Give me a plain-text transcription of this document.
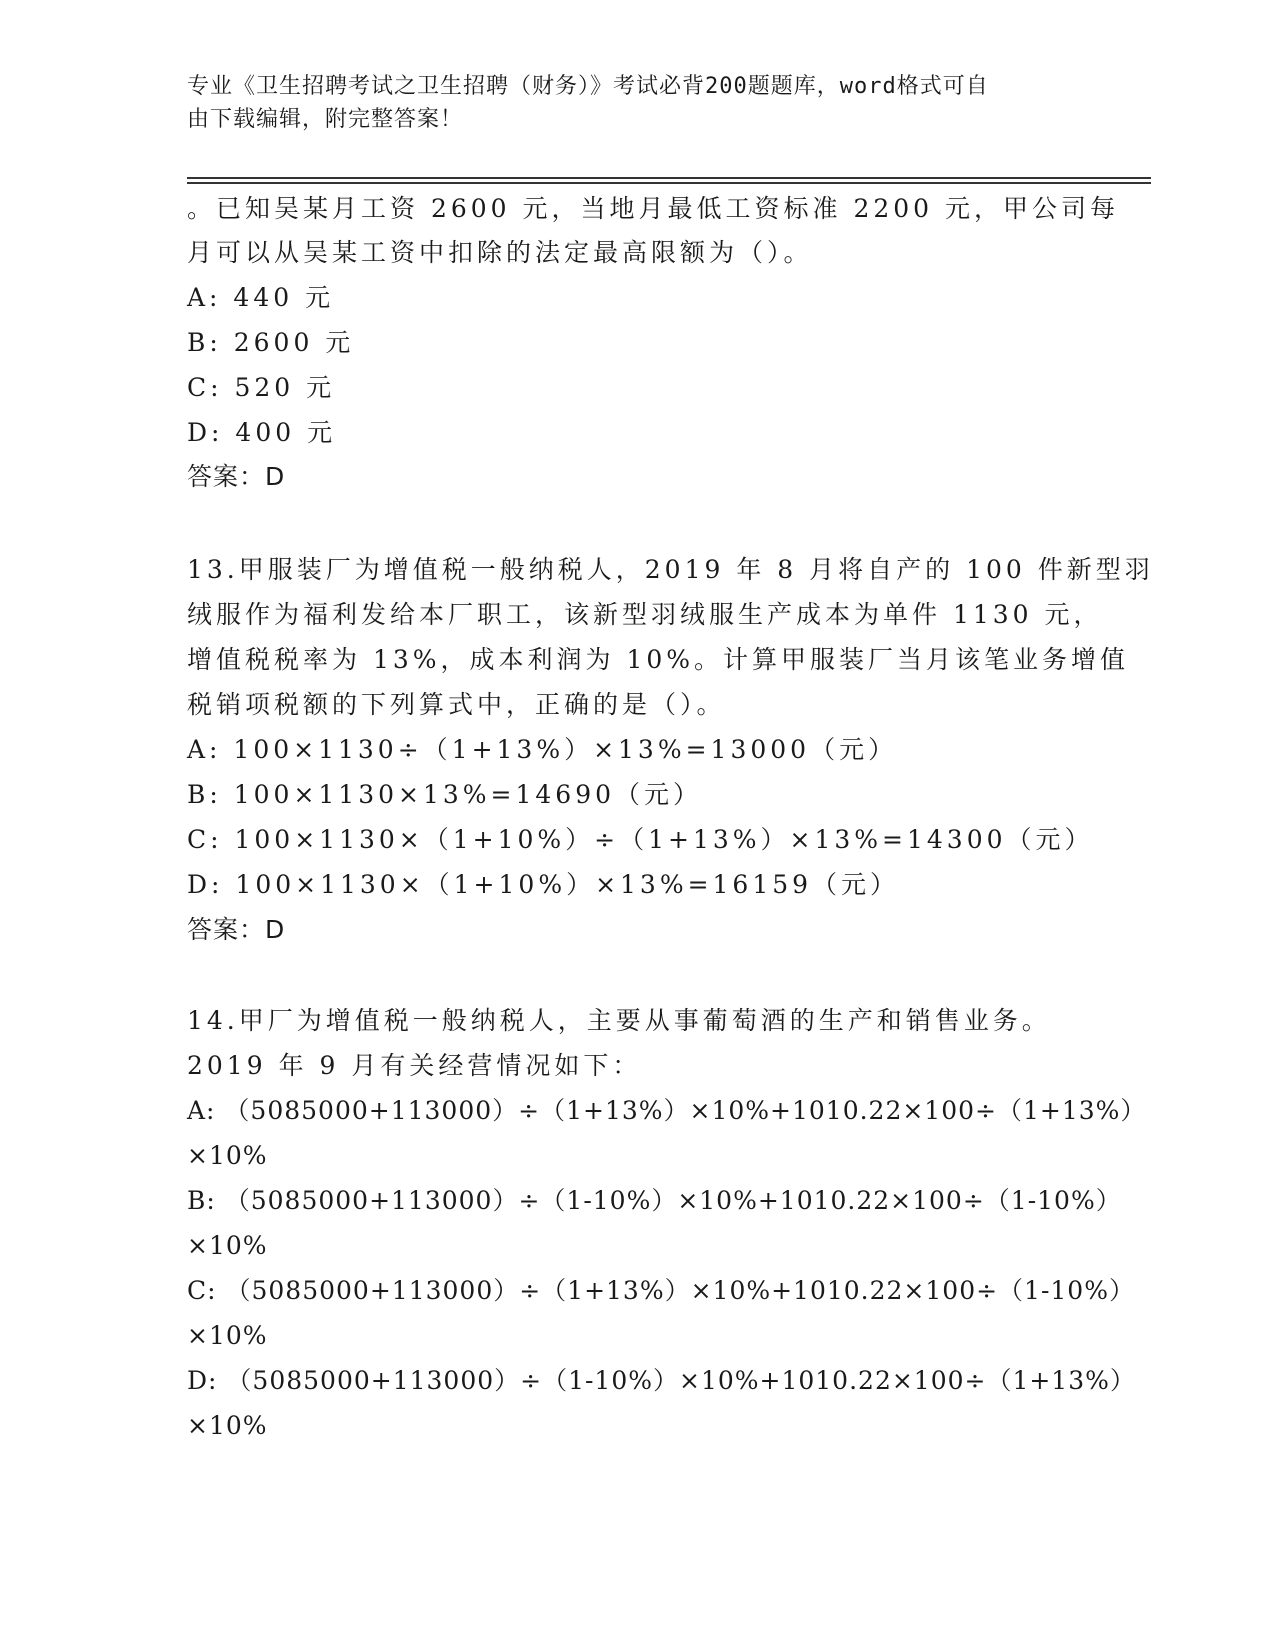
专业《卫生招聘考试之卫生招聘（财务）》考试必背200题题库，word格式可自
由下载编辑，附完整答案！
。已知吴某月工资 2600 元，当地月最低工资标准 2200 元，甲公司每
月可以从吴某工资中扣除的法定最高限额为（）。
A: 440 元
B: 2600 元
C: 520 元
D: 400 元
答案：D
13.甲服装厂为增值税一般纳税人，2019 年 8 月将自产的 100 件新型羽
绒服作为福利发给本厂职工，该新型羽绒服生产成本为单件 1130 元，
增值税税率为 13%，成本利润为 10%。计算甲服装厂当月该笔业务增值
税销项税额的下列算式中，正确的是（）。
A: 100×1130÷（1+13%）×13%=13000（元）
B: 100×1130×13%=14690（元）
C: 100×1130×（1+10%）÷（1+13%）×13%=14300（元）
D: 100×1130×（1+10%）×13%=16159（元）
答案：D
14.甲厂为增值税一般纳税人，主要从事葡萄酒的生产和销售业务。
2019 年 9 月有关经营情况如下：
A: （5085000+113000）÷（1+13%）×10%+1010.22×100÷（1+13%）
×10%
B: （5085000+113000）÷（1-10%）×10%+1010.22×100÷（1-10%）
×10%
C: （5085000+113000）÷（1+13%）×10%+1010.22×100÷（1-10%）
×10%
D: （5085000+113000）÷（1-10%）×10%+1010.22×100÷（1+13%）
×10%
